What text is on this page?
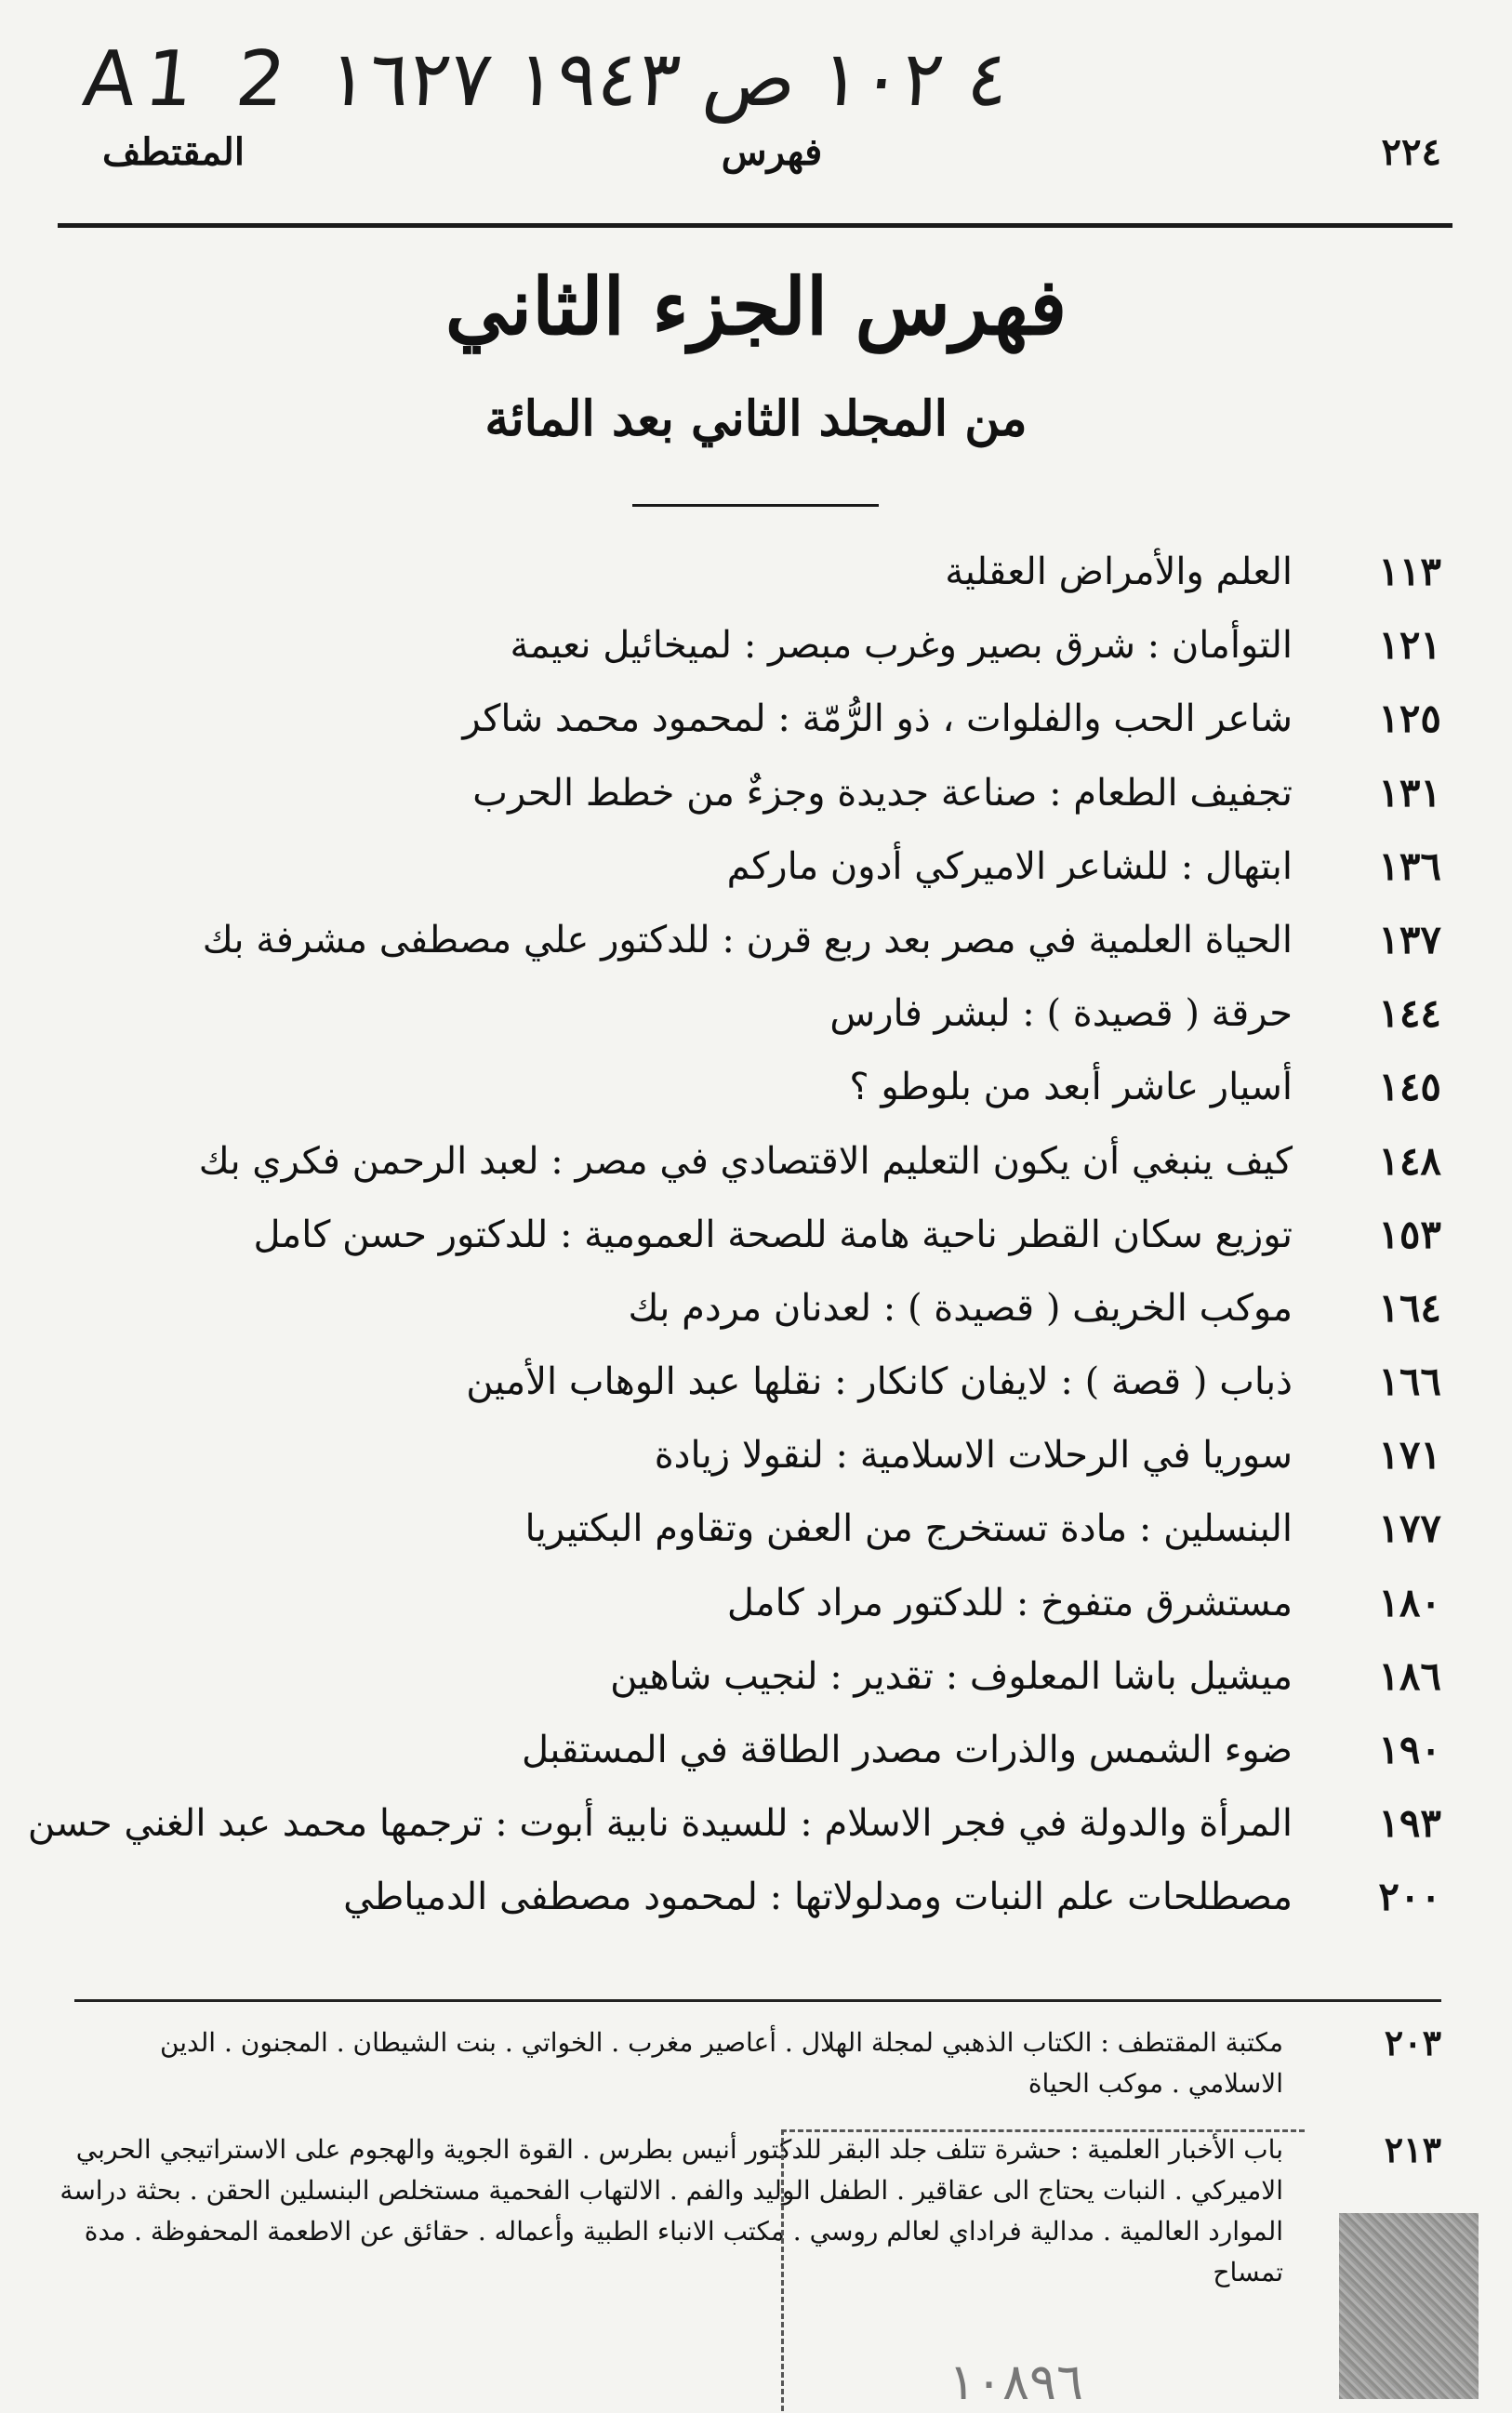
A1 2 ٤ ١٠٢ ص ١٩٤٣ ١٦٢٧
٢٢٤
فهرس
المقتطف
فهرس الجزء الثاني
من المجلد الثاني بعد المائة
١١٣
العلم والأمراض العقلية
١٢١
التوأمان : شرق بصير وغرب مبصر : لميخائيل نعيمة
١٢٥
شاعر الحب والفلوات ، ذو الرُّمّة : لمحمود محمد شاكر
١٣١
تجفيف الطعام : صناعة جديدة وجزءٌ من خطط الحرب
١٣٦
ابتهال : للشاعر الاميركي أدون ماركم
١٣٧
الحياة العلمية في مصر بعد ربع قرن : للدكتور علي مصطفى مشرفة بك
١٤٤
حرقة ( قصيدة ) : لبشر فارس
١٤٥
أسيار عاشر أبعد من بلوطو ؟
١٤٨
كيف ينبغي أن يكون التعليم الاقتصادي في مصر : لعبد الرحمن فكري بك
١٥٣
توزيع سكان القطر ناحية هامة للصحة العمومية : للدكتور حسن كامل
١٦٤
موكب الخريف ( قصيدة ) : لعدنان مردم بك
١٦٦
ذباب ( قصة ) : لايفان كانكار : نقلها عبد الوهاب الأمين
١٧١
سوريا في الرحلات الاسلامية : لنقولا زيادة
١٧٧
البنسلين : مادة تستخرج من العفن وتقاوم البكتيريا
١٨٠
مستشرق متفوخ : للدكتور مراد كامل
١٨٦
ميشيل باشا المعلوف : تقدير : لنجيب شاهين
١٩٠
ضوء الشمس والذرات مصدر الطاقة في المستقبل
١٩٣
المرأة والدولة في فجر الاسلام : للسيدة نابية أبوت : ترجمها محمد عبد الغني حسن
٢٠٠
مصطلحات علم النبات ومدلولاتها : لمحمود مصطفى الدمياطي
٢٠٣
مكتبة المقتطف : الكتاب الذهبي لمجلة الهلال . أعاصير مغرب . الخواتي . بنت الشيطان . المجنون . الدين الاسلامي . موكب الحياة
٢١٣
باب الأخبار العلمية : حشرة تتلف جلد البقر للدكتور أنيس بطرس . القوة الجوية والهجوم على الاستراتيجي الحربي الاميركي . النبات يحتاج الى عقاقير . الطفل الوليد والفم . الالتهاب الفحمية مستخلص البنسلين الحقن . بحثة دراسة الموارد العالمية . مدالية فراداي لعالم روسي . مكتب الانباء الطبية وأعماله . حقائق عن الاطعمة المحفوظة . مدة تمساح
١٠٨٩٦
